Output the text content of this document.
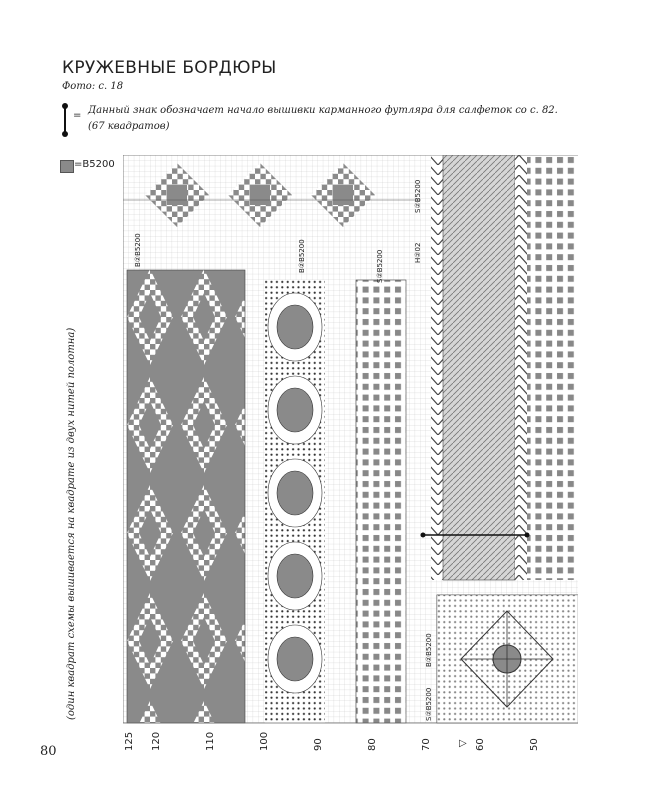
КРУЖЕВНЫЕ БОРДЮРЫ
Фото: с. 18
= Данный знак обозначает начало вышивки карманного футляра для салфеток со с. 82.
(67 квадратов)
=B5200
(один квадрат схемы вышивается на квадрате из двух нитей полотна)
80
B②B5200	B②B5200	S②B5200
S②B5200
H②02
B②B5200
S②B5200
125 120	110	100	90	80	70	▷ 60	50
